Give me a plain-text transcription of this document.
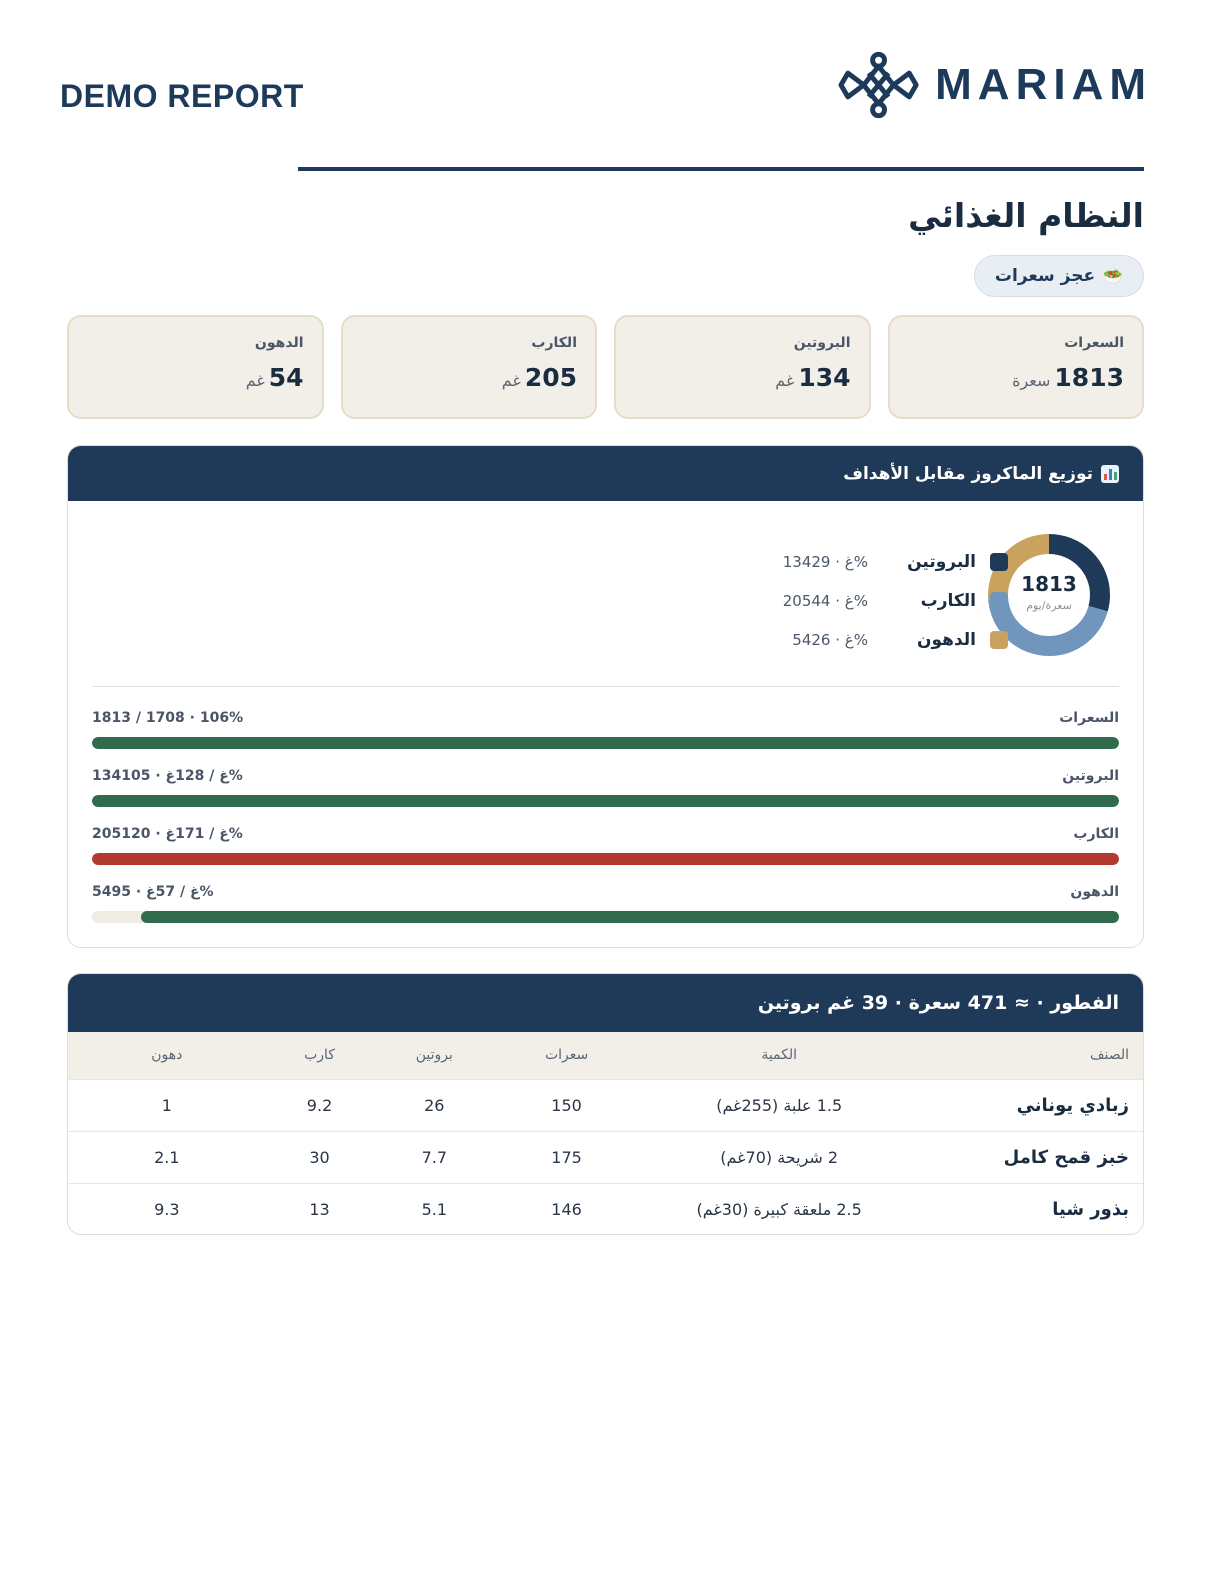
DEMO REPORT	MARIAM
النظام الغذائي
🥗
عجز سعرات
السعرات
1813سعرة
البروتين
134غم
الكارب
205غم
الدهون
54غم
توزيع الماكروز مقابل الأهداف
1813
سعرة/يوم
البروتين
134غ · 29%
الكارب
205غ · 44%
الدهون
54غ · 26%
السعرات
1813 / 1708 · 106%
البروتين
134غ / 128غ · 105%
الكارب
205غ / 171غ · 120%
الدهون
54غ / 57غ · 95%
الفطور · ≈ 471 سعرة · 39 غم بروتين
الصنف	الكمية	سعرات	بروتين	كارب	دهون
زبادي يوناني	1.5 علبة (255غم)	150	26	9.2	1
خبز قمح كامل	2 شريحة (70غم)	175	7.7	30	2.1
بذور شيا	2.5 ملعقة كبيرة (30غم)	146	5.1	13	9.3
